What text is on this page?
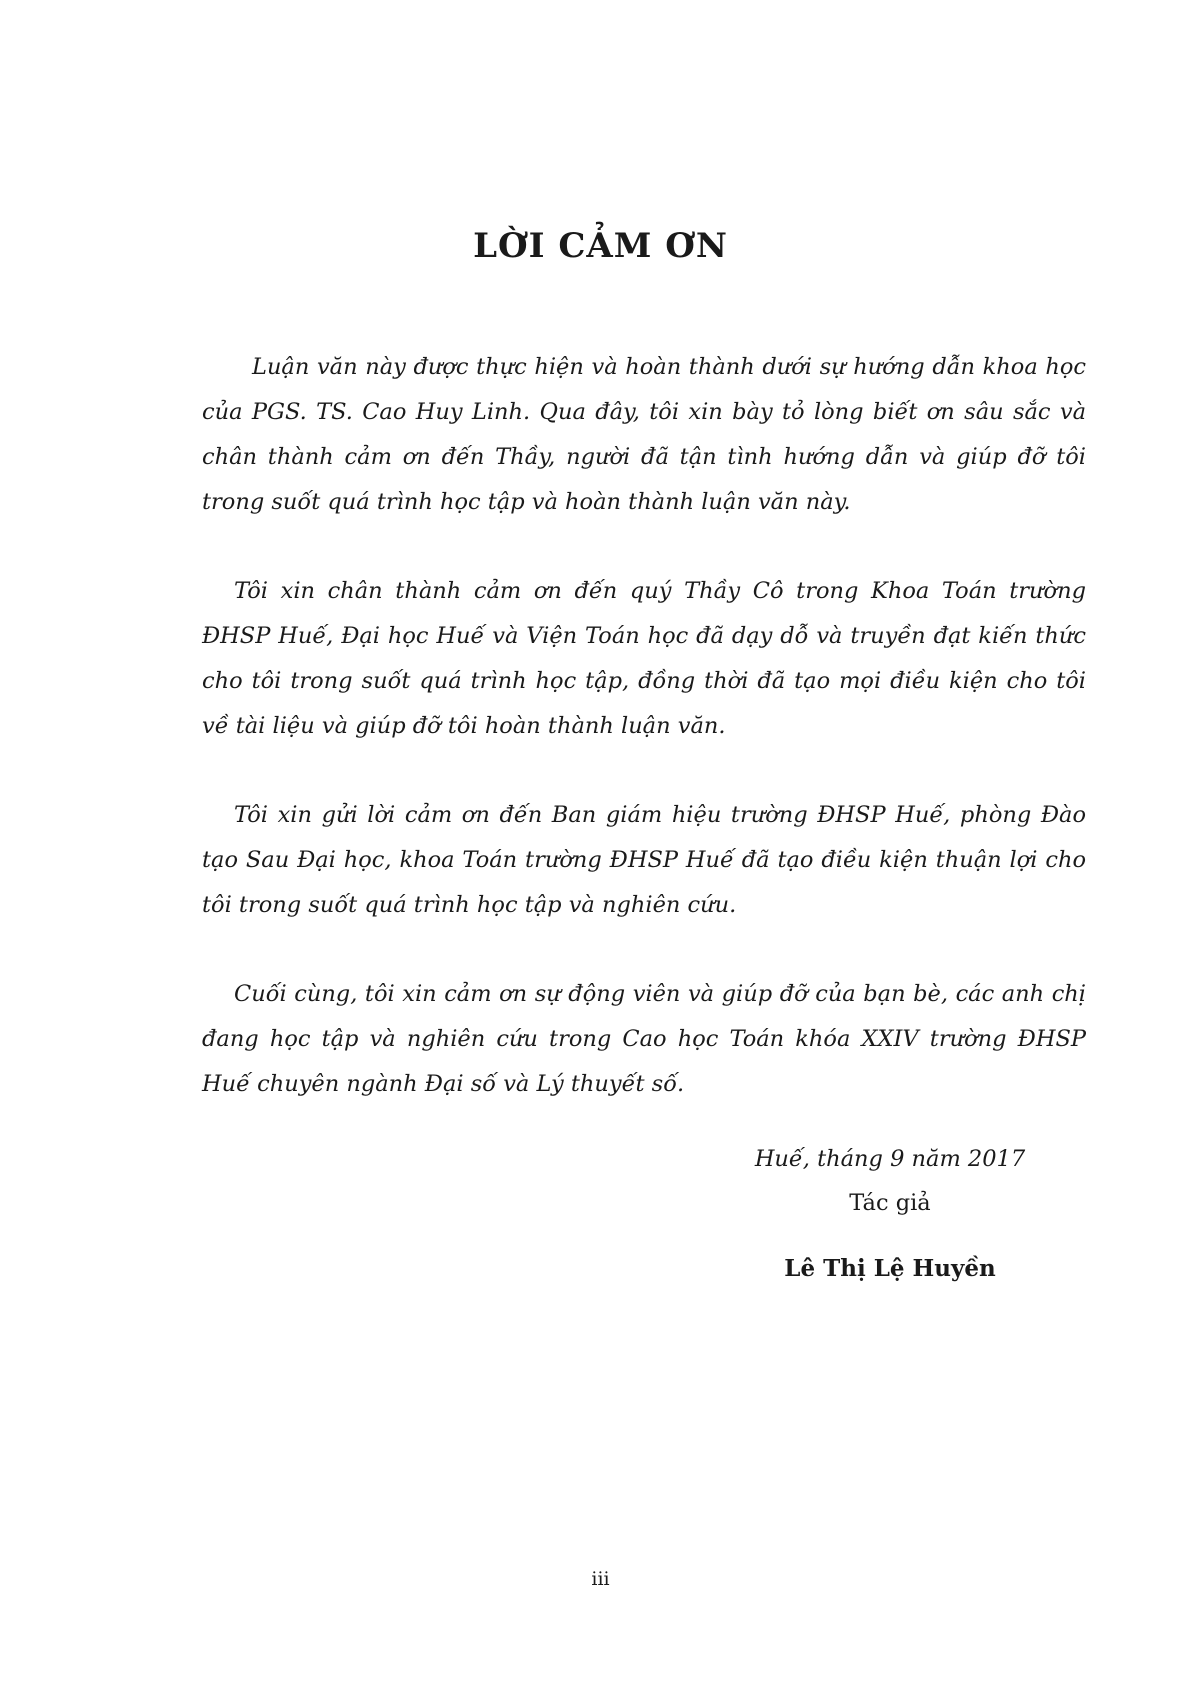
LỜI CẢM ƠN

Luận văn này được thực hiện và hoàn thành dưới sự hướng dẫn khoa học của PGS. TS. Cao Huy Linh. Qua đây, tôi xin bày tỏ lòng biết ơn sâu sắc và chân thành cảm ơn đến Thầy, người đã tận tình hướng dẫn và giúp đỡ tôi trong suốt quá trình học tập và hoàn thành luận văn này.

Tôi xin chân thành cảm ơn đến quý Thầy Cô trong Khoa Toán trường ĐHSP Huế, Đại học Huế và Viện Toán học đã dạy dỗ và truyền đạt kiến thức cho tôi trong suốt quá trình học tập, đồng thời đã tạo mọi điều kiện cho tôi về tài liệu và giúp đỡ tôi hoàn thành luận văn.

Tôi xin gửi lời cảm ơn đến Ban giám hiệu trường ĐHSP Huế, phòng Đào tạo Sau Đại học, khoa Toán trường ĐHSP Huế đã tạo điều kiện thuận lợi cho tôi trong suốt quá trình học tập và nghiên cứu.

Cuối cùng, tôi xin cảm ơn sự động viên và giúp đỡ của bạn bè, các anh chị đang học tập và nghiên cứu trong Cao học Toán khóa XXIV trường ĐHSP Huế chuyên ngành Đại số và Lý thuyết số.

Huế, tháng 9 năm 2017

Tác giả

Lê Thị Lệ Huyền

iii
